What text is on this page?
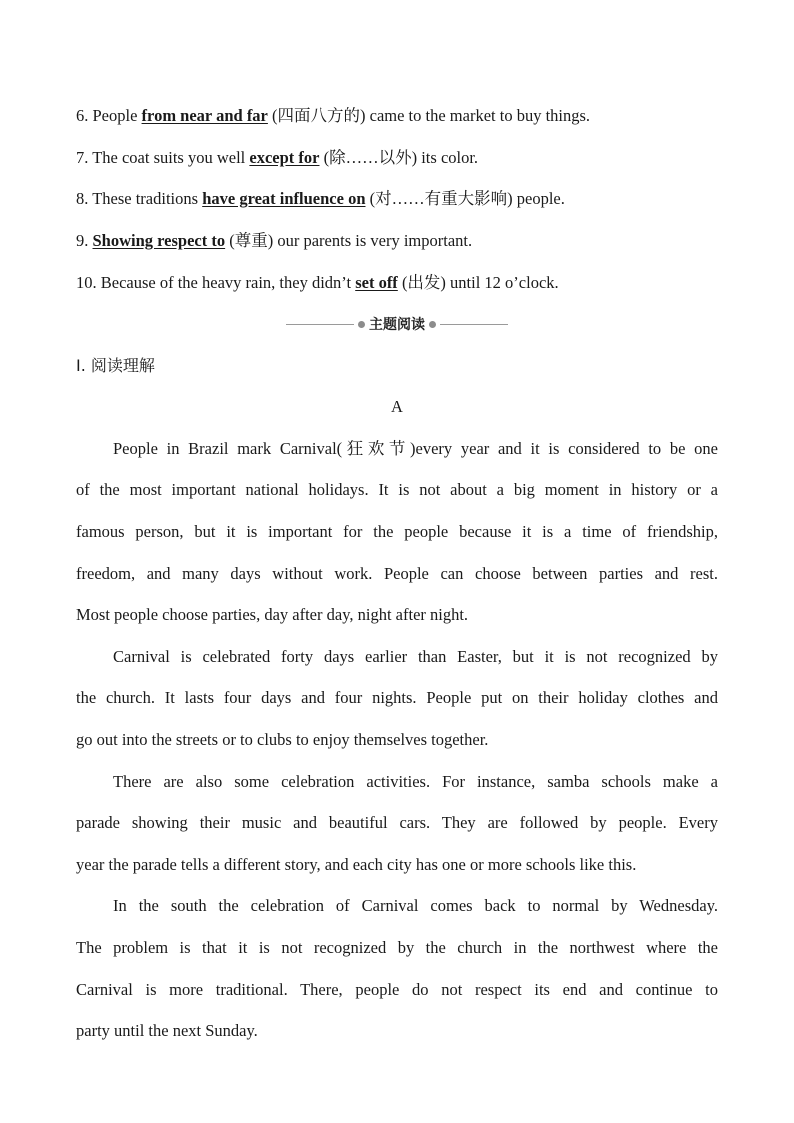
6. People from near and far (四面八方的) came to the market to buy things.
7. The coat suits you well except for (除……以外) its color.
8. These traditions have great influence on (对……有重大影响) people.
9. Showing respect to (尊重) our parents is very important.
10. Because of the heavy rain, they didn’t set off (出发) until 12 o’clock.
主题阅读
Ⅰ. 阅读理解
A
People in Brazil mark Carnival(狂欢节)every year and it is considered to be one
of the most important national holidays. It is not about a big moment in history or a
famous person, but it is important for the people because it is a time of friendship,
freedom, and many days without work. People can choose between parties and rest.
Most people choose parties, day after day, night after night.
Carnival is celebrated forty days earlier than Easter, but it is not recognized by
the church. It lasts four days and four nights. People put on their holiday clothes and
go out into the streets or to clubs to enjoy themselves together.
There are also some celebration activities. For instance, samba schools make a
parade showing their music and beautiful cars. They are followed by people. Every
year the parade tells a different story, and each city has one or more schools like this.
In the south the celebration of Carnival comes back to normal by Wednesday.
The problem is that it is not recognized by the church in the northwest where the
Carnival is more traditional. There, people do not respect its end and continue to
party until the next Sunday.
